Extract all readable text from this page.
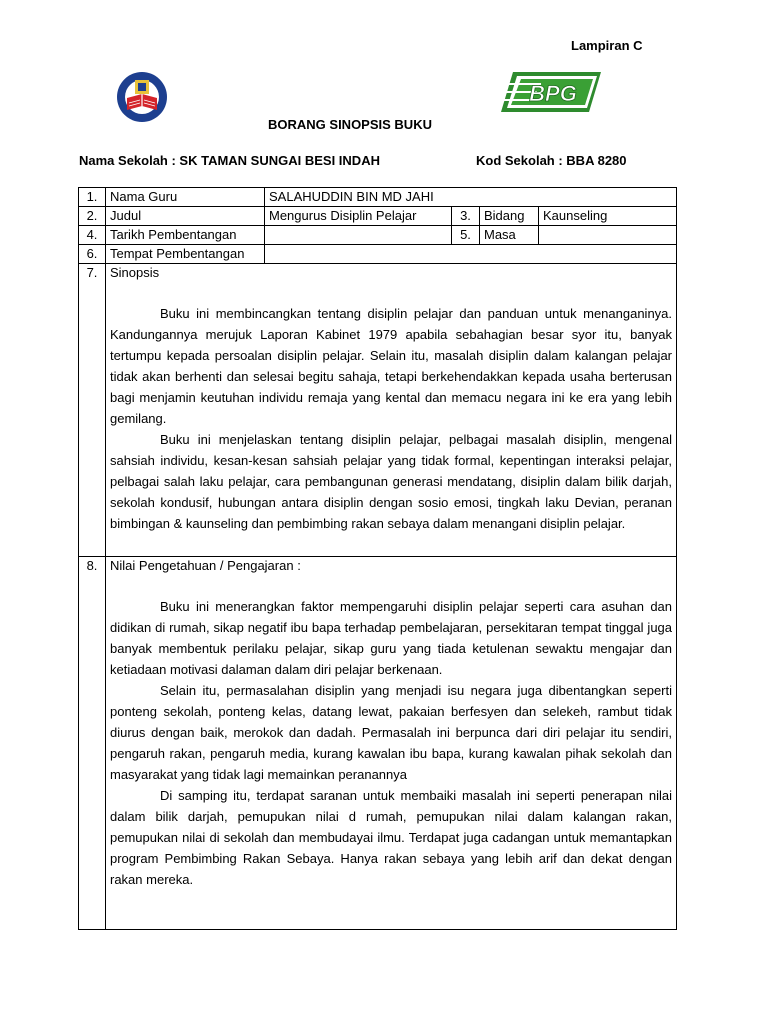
Lampiran C
BPG
BORANG SINOPSIS BUKU
Nama Sekolah : SK TAMAN SUNGAI BESI INDAH	Kod Sekolah : BBA 8280
1.	Nama Guru	SALAHUDDIN BIN MD JAHI			
2.	Judul	Mengurus Disiplin Pelajar	3.	Bidang	Kaunseling
4.	Tarikh Pembentangan		5.	Masa	
6.	Tempat Pembentangan				
7.	Sinopsis

Buku ini membincangkan tentang disiplin pelajar dan panduan untuk menanganinya. Kandungannya merujuk Laporan Kabinet 1979 apabila sebahagian besar syor itu, banyak tertumpu kepada persoalan disiplin pelajar. Selain itu, masalah disiplin dalam kalangan pelajar tidak akan berhenti dan selesai begitu sahaja, tetapi berkehendakkan kepada usaha berterusan bagi menjamin keutuhan individu remaja yang kental dan memacu negara ini ke era yang lebih gemilang.

Buku ini menjelaskan tentang disiplin pelajar, pelbagai masalah disiplin, mengenal sahsiah individu, kesan-kesan sahsiah pelajar yang tidak formal, kepentingan interaksi pelajar, pelbagai salah laku pelajar, cara pembangunan generasi mendatang, disiplin dalam bilik darjah, sekolah kondusif, hubungan antara disiplin dengan sosio emosi, tingkah laku Devian, peranan bimbingan & kaunseling dan pembimbing rakan sebaya dalam menangani disiplin pelajar.				

8.	Nilai Pengetahuan / Pengajaran :

Buku ini menerangkan faktor mempengaruhi disiplin pelajar seperti cara asuhan dan didikan di rumah, sikap negatif ibu bapa terhadap pembelajaran, persekitaran tempat tinggal juga banyak membentuk perilaku pelajar, sikap guru yang tiada ketulenan sewaktu mengajar dan ketiadaan motivasi dalaman dalam diri pelajar berkenaan.

Selain itu, permasalahan disiplin yang menjadi isu negara juga dibentangkan seperti ponteng sekolah, ponteng kelas, datang lewat, pakaian berfesyen dan selekeh, rambut tidak diurus dengan baik, merokok dan dadah. Permasalah ini berpunca dari diri pelajar itu sendiri, pengaruh rakan, pengaruh media, kurang kawalan ibu bapa, kurang kawalan pihak sekolah dan masyarakat yang tidak lagi memainkan peranannya

Di samping itu, terdapat saranan untuk membaiki masalah ini seperti penerapan nilai dalam bilik darjah, pemupukan nilai d rumah, pemupukan nilai dalam kalangan rakan, pemupukan nilai di sekolah dan membudayai ilmu. Terdapat juga cadangan untuk memantapkan program Pembimbing Rakan Sebaya. Hanya rakan sebaya yang lebih arif dan dekat dengan rakan mereka.				
